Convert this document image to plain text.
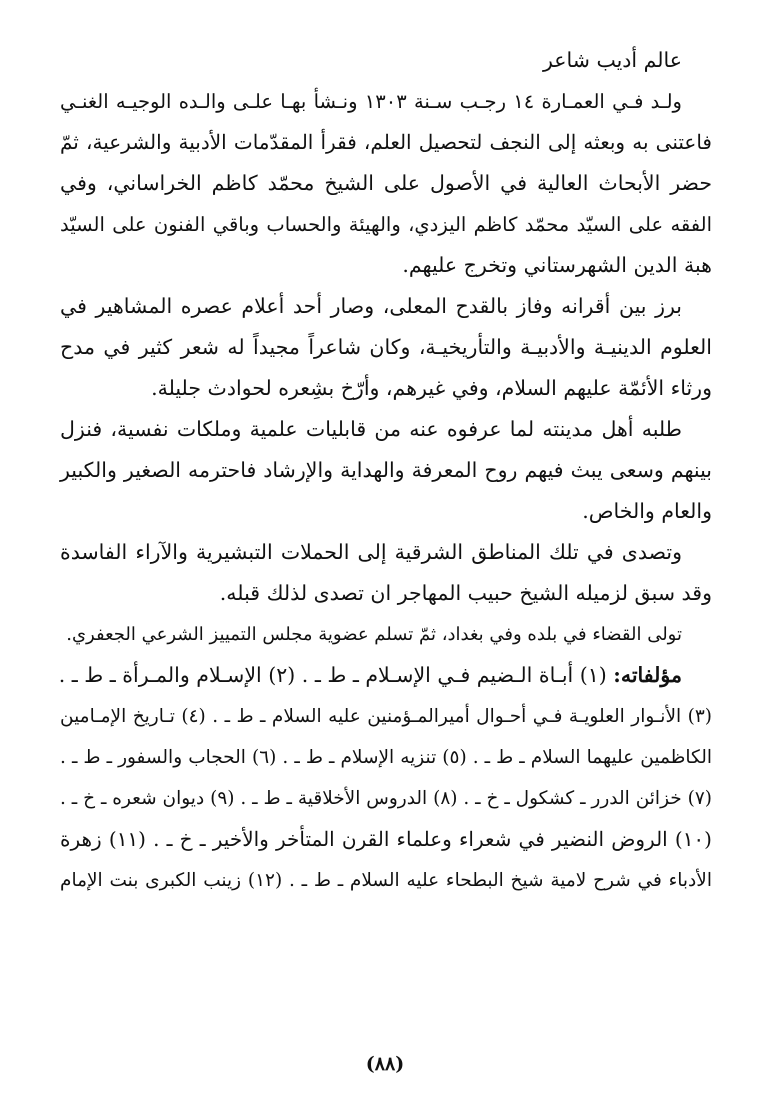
عالم أديب شاعر
ولـد فـي العمـارة ١٤ رجـب سـنة ١٣٠٣ ونـشأ بهـا علـى والـده الوجيـه الغنـي
فاعتنى به وبعثه إلى النجف لتحصيل العلم، فقرأ المقدّمات الأدبية والشرعية، ثمّ
حضر الأبحاث العالية في الأصول على الشيخ محمّد كاظم الخراساني، وفي
الفقه على السيّد محمّد كاظم اليزدي، والهيئة والحساب وباقي الفنون على السيّد
هبة الدين الشهرستاني وتخرج عليهم.
برز بين أقرانه وفاز بالقدح المعلى، وصار أحد أعلام عصره المشاهير في
العلوم الدينيـة والأدبيـة والتأريخيـة، وكان شاعراً مجيداً له شعر كثير في مدح
ورثاء الأئمّة عليهم السلام، وفي غيرهم، وأرّخ بشِعره لحوادث جليلة.
طلبه أهل مدينته لما عرفوه عنه من قابليات علمية وملكات نفسية، فنزل
بينهم وسعى يبث فيهم روح المعرفة والهداية والإرشاد فاحترمه الصغير والكبير
والعام والخاص.
وتصدى في تلك المناطق الشرقية إلى الحملات التبشيرية والآراء الفاسدة
وقد سبق لزميله الشيخ حبيب المهاجر ان تصدى لذلك قبله.
تولى القضاء في بلده وفي بغداد، ثمّ تسلم عضوية مجلس التمييز الشرعي الجعفري.
مؤلفاته: (١) أبـاة الـضيم فـي الإسـلام ـ ط ـ . (٢) الإسـلام والمـرأة ـ ط ـ .
(٣) الأنـوار العلويـة فـي أحـوال أميرالمـؤمنين عليه السلام ـ ط ـ . (٤) تـاريخ الإمـامين
الكاظمين عليهما السلام ـ ط ـ . (٥) تنزيه الإسلام ـ ط ـ . (٦) الحجاب والسفور ـ ط ـ .
(٧) خزائن الدرر ـ كشكول ـ خ ـ . (٨) الدروس الأخلاقية ـ ط ـ . (٩) ديوان شعره ـ خ ـ .
(١٠) الروض النضير في شعراء وعلماء القرن المتأخر والأخير ـ خ ـ . (١١) زهرة
الأدباء في شرح لامية شيخ البطحاء عليه السلام ـ ط ـ . (١٢) زينب الكبرى بنت الإمام
(٨٨)
